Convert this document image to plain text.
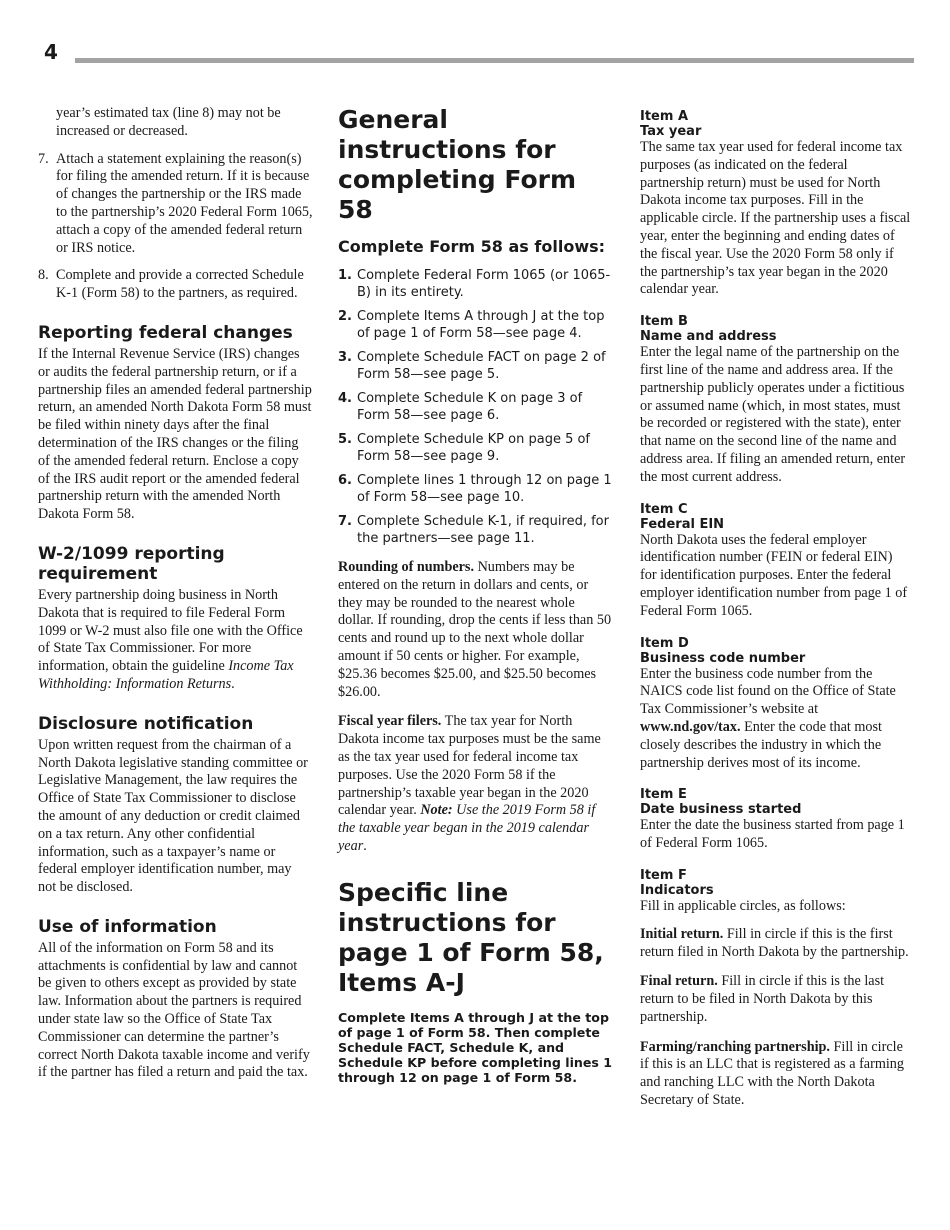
4

year’s estimated tax (line 8) may not be increased or decreased.

7. Attach a statement explaining the reason(s) for filing the amended return. If it is because of changes the partnership or the IRS made to the partnership’s 2020 Federal Form 1065, attach a copy of the amended federal return or IRS notice.
8. Complete and provide a corrected Schedule K-1 (Form 58) to the partners, as required.
Reporting federal changes

If the Internal Revenue Service (IRS) changes or audits the federal partnership return, or if a partnership files an amended federal partnership return, an amended North Dakota Form 58 must be filed within ninety days after the final determination of the IRS changes or the filing of the amended federal return. Enclose a copy of the IRS audit report or the amended federal partnership return with the amended North Dakota Form 58.

W-2/1099 reporting requirement

Every partnership doing business in North Dakota that is required to file Federal Form 1099 or W-2 must also file one with the Office of State Tax Commissioner. For more information, obtain the guideline Income Tax Withholding: Information Returns.

Disclosure notification

Upon written request from the chairman of a North Dakota legislative standing committee or Legislative Management, the law requires the Office of State Tax Commissioner to disclose the amount of any deduction or credit claimed on a tax return. Any other confidential information, such as a taxpayer’s name or federal employer identification number, may not be disclosed.

Use of information

All of the information on Form 58 and its attachments is confidential by law and cannot be given to others except as provided by state law. Information about the partners is required under state law so the Office of State Tax Commissioner can determine the partner’s correct North Dakota taxable income and verify if the partner has filed a return and paid the tax.

General instructions for completing Form 58
Complete Form 58 as follows:
1. Complete Federal Form 1065 (or 1065-B) in its entirety.
2. Complete Items A through J at the top of page 1 of Form 58—see page 4.
3. Complete Schedule FACT on page 2 of Form 58—see page 5.
4. Complete Schedule K on page 3 of Form 58—see page 6.
5. Complete Schedule KP on page 5 of Form 58—see page 9.
6. Complete lines 1 through 12 on page 1 of Form 58—see page 10.
7. Complete Schedule K-1, if required, for the partners—see page 11.

Rounding of numbers. Numbers may be entered on the return in dollars and cents, or they may be rounded to the nearest whole dollar. If rounding, drop the cents if less than 50 cents and round up to the next whole dollar amount if 50 cents or higher. For example, $25.36 becomes $25.00, and $25.50 becomes $26.00.

Fiscal year filers. The tax year for North Dakota income tax purposes must be the same as the tax year used for federal income tax purposes. Use the 2020 Form 58 if the partnership’s taxable year began in the 2020 calendar year. Note: Use the 2019 Form 58 if the taxable year began in the 2019 calendar year.

Specific line instructions for page 1 of Form 58, Items A-J

Complete Items A through J at the top of page 1 of Form 58. Then complete Schedule FACT, Schedule K, and Schedule KP before completing lines 1 through 12 on page 1 of Form 58.

Item A
Tax year

The same tax year used for federal income tax purposes (as indicated on the federal partnership return) must be used for North Dakota income tax purposes. Fill in the applicable circle. If the partnership uses a fiscal year, enter the beginning and ending dates of the fiscal year. Use the 2020 Form 58 only if the partnership’s tax year began in the 2020 calendar year.

Item B
Name and address

Enter the legal name of the partnership on the first line of the name and address area. If the partnership publicly operates under a fictitious or assumed name (which, in most states, must be recorded or registered with the state), enter that name on the second line of the name and address area. If filing an amended return, enter the most current address.

Item C
Federal EIN

North Dakota uses the federal employer identification number (FEIN or federal EIN) for identification purposes. Enter the federal employer identification number from page 1 of Federal Form 1065.

Item D
Business code number

Enter the business code number from the NAICS code list found on the Office of State Tax Commissioner’s website at www.nd.gov/tax. Enter the code that most closely describes the industry in which the partnership derives most of its income.

Item E
Date business started

Enter the date the business started from page 1 of Federal Form 1065.

Item F
Indicators

Fill in applicable circles, as follows:

Initial return. Fill in circle if this is the first return filed in North Dakota by the partnership.

Final return. Fill in circle if this is the last return to be filed in North Dakota by this partnership.

Farming/ranching partnership. Fill in circle if this is an LLC that is registered as a farming and ranching LLC with the North Dakota Secretary of State.
